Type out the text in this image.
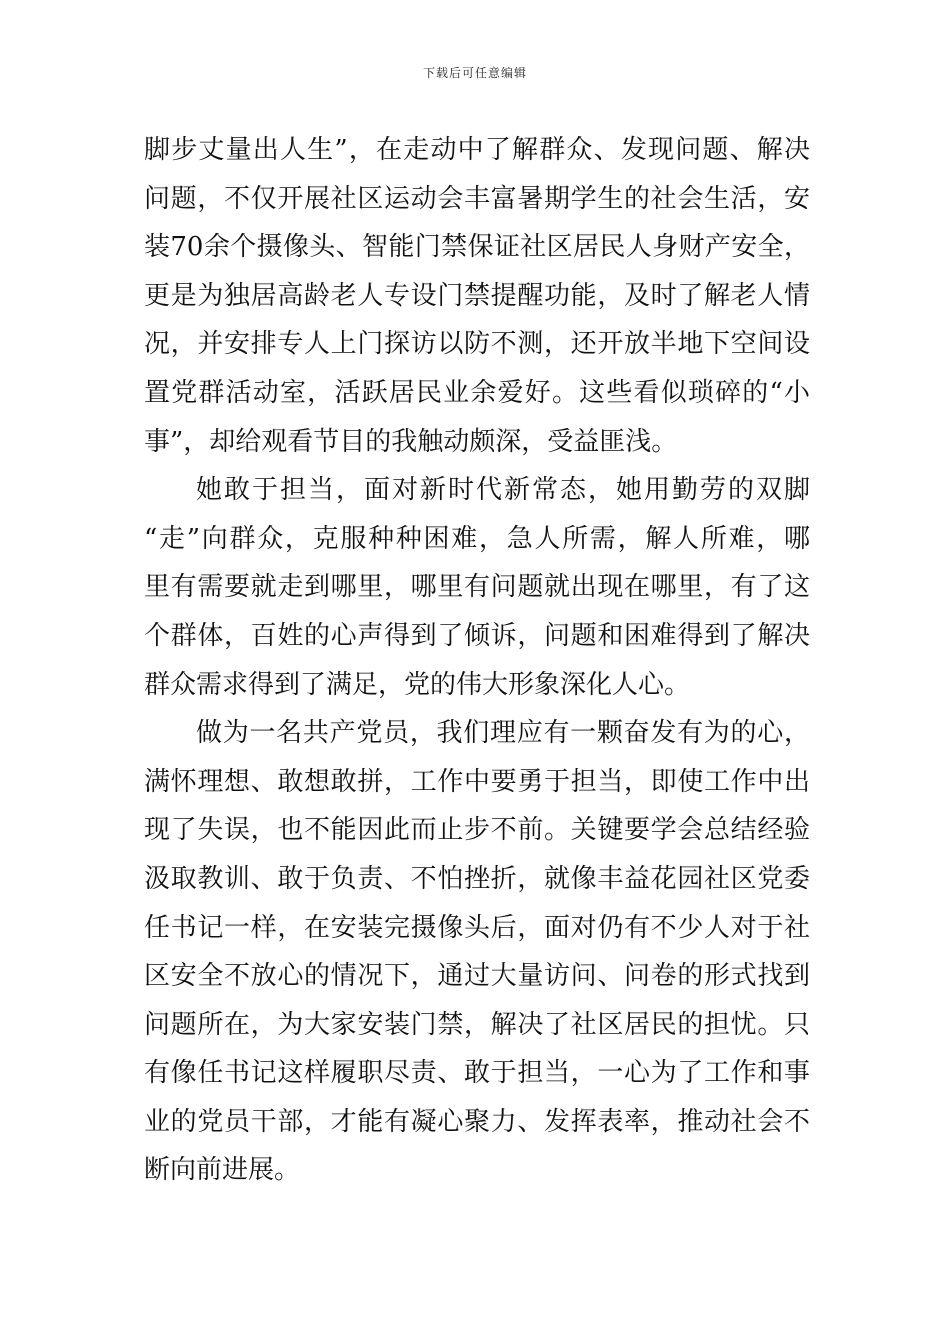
下载后可任意编辑
脚步丈量出人生”，在走动中了解群众、发现问题、解决
问题，不仅开展社区运动会丰富暑期学生的社会生活，安
装70余个摄像头、智能门禁保证社区居民人身财产安全，
更是为独居高龄老人专设门禁提醒功能，及时了解老人情
况，并安排专人上门探访以防不测，还开放半地下空间设
置党群活动室，活跃居民业余爱好。这些看似琐碎的“小
事”，却给观看节目的我触动颇深，受益匪浅。
她敢于担当，面对新时代新常态，她用勤劳的双脚
“走”向群众，克服种种困难，急人所需，解人所难，哪
里有需要就走到哪里，哪里有问题就出现在哪里，有了这
个群体，百姓的心声得到了倾诉，问题和困难得到了解决
群众需求得到了满足，党的伟大形象深化人心。
做为一名共产党员，我们理应有一颗奋发有为的心，
满怀理想、敢想敢拼，工作中要勇于担当，即使工作中出
现了失误，也不能因此而止步不前。关键要学会总结经验
汲取教训、敢于负责、不怕挫折，就像丰益花园社区党委
任书记一样，在安装完摄像头后，面对仍有不少人对于社
区安全不放心的情况下，通过大量访问、问卷的形式找到
问题所在，为大家安装门禁，解决了社区居民的担忧。只
有像任书记这样履职尽责、敢于担当，一心为了工作和事
业的党员干部，才能有凝心聚力、发挥表率，推动社会不
断向前进展。
